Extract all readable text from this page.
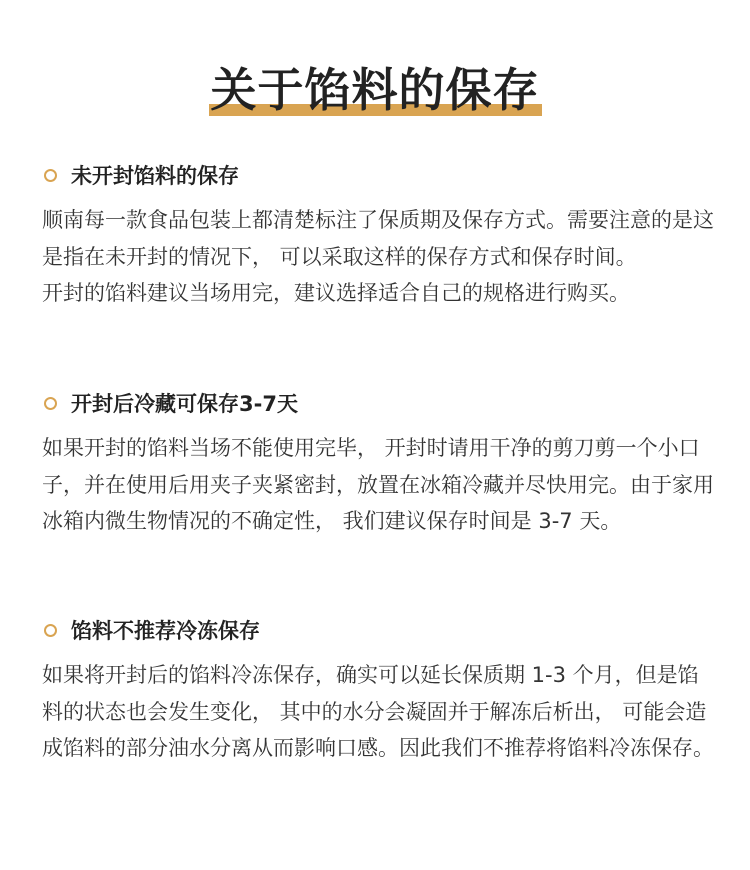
关于馅料的保存
未开封馅料的保存

顺南每一款食品包装上都清楚标注了保质期及保存方式。需要注意的是这是指在未开封的情况下， 可以采取这样的保存方式和保存时间。

开封的馅料建议当场用完，建议选择适合自己的规格进行购买。

开封后冷藏可保存3-7天

如果开封的馅料当场不能使用完毕， 开封时请用干净的剪刀剪一个小口子，并在使用后用夹子夹紧密封，放置在冰箱冷藏并尽快用完。由于家用冰箱内微生物情况的不确定性， 我们建议保存时间是 3-7 天。

馅料不推荐冷冻保存

如果将开封后的馅料冷冻保存，确实可以延长保质期 1-3 个月，但是馅料的状态也会发生变化， 其中的水分会凝固并于解冻后析出， 可能会造成馅料的部分油水分离从而影响口感。因此我们不推荐将馅料冷冻保存。
